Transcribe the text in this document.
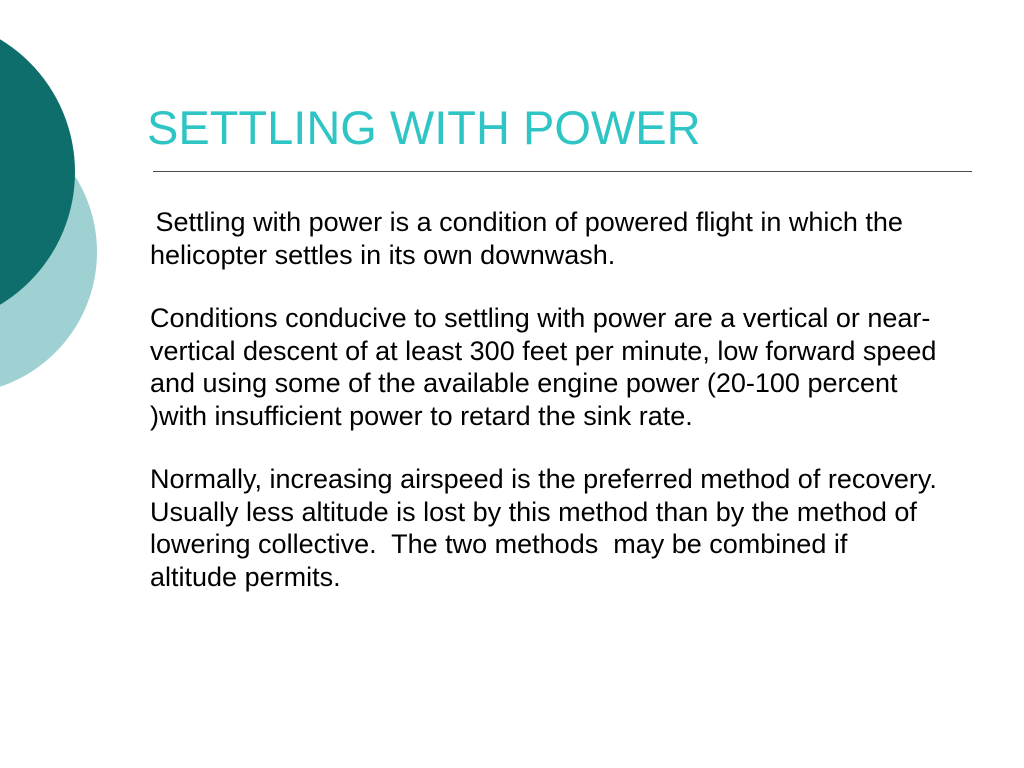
SETTLING WITH POWER

Settling with power is a condition of powered flight in which the helicopter settles in its own downwash.

Conditions conducive to settling with power are a vertical or near-vertical descent of at least 300 feet per minute, low forward speed and using some of the available engine power (20-100 percent )with insufficient power to retard the sink rate.

Normally, increasing airspeed is the preferred method of recovery.  Usually less altitude is lost by this method than by the method of lowering collective.  The two methods  may be combined if altitude permits.
